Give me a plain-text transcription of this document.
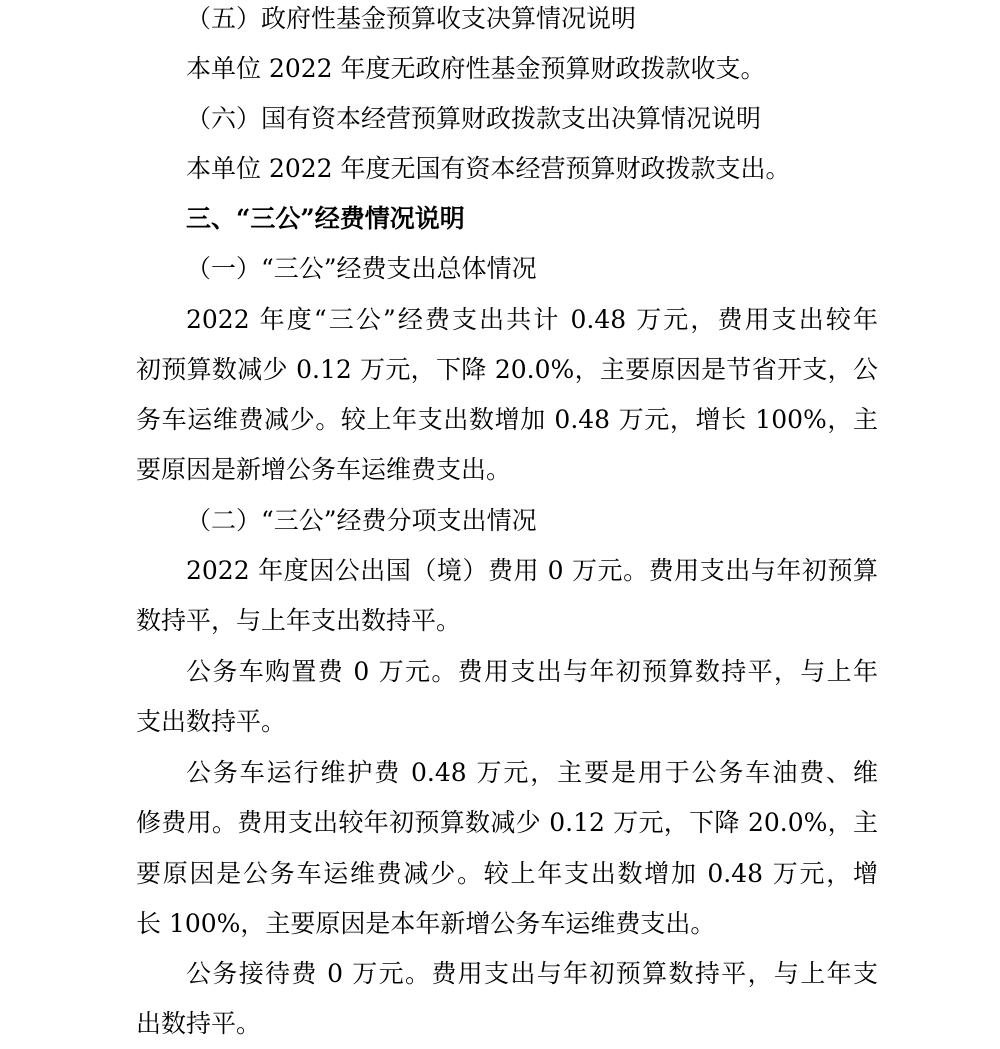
（五）政府性基金预算收支决算情况说明
本单位 2022 年度无政府性基金预算财政拨款收支。
（六）国有资本经营预算财政拨款支出决算情况说明
本单位 2022 年度无国有资本经营预算财政拨款支出。
三、“三公”经费情况说明
（一）“三公”经费支出总体情况
2022 年度“三公”经费支出共计 0.48 万元，费用支出较年
初预算数减少 0.12 万元，下降 20.0%，主要原因是节省开支，公
务车运维费减少。较上年支出数增加 0.48 万元，增长 100%，主
要原因是新增公务车运维费支出。
（二）“三公”经费分项支出情况
2022 年度因公出国（境）费用 0 万元。费用支出与年初预算
数持平，与上年支出数持平。
公务车购置费 0 万元。费用支出与年初预算数持平，与上年
支出数持平。
公务车运行维护费 0.48 万元，主要是用于公务车油费、维
修费用。费用支出较年初预算数减少 0.12 万元，下降 20.0%，主
要原因是公务车运维费减少。较上年支出数增加 0.48 万元，增
长 100%，主要原因是本年新增公务车运维费支出。
公务接待费 0 万元。费用支出与年初预算数持平，与上年支
出数持平。
